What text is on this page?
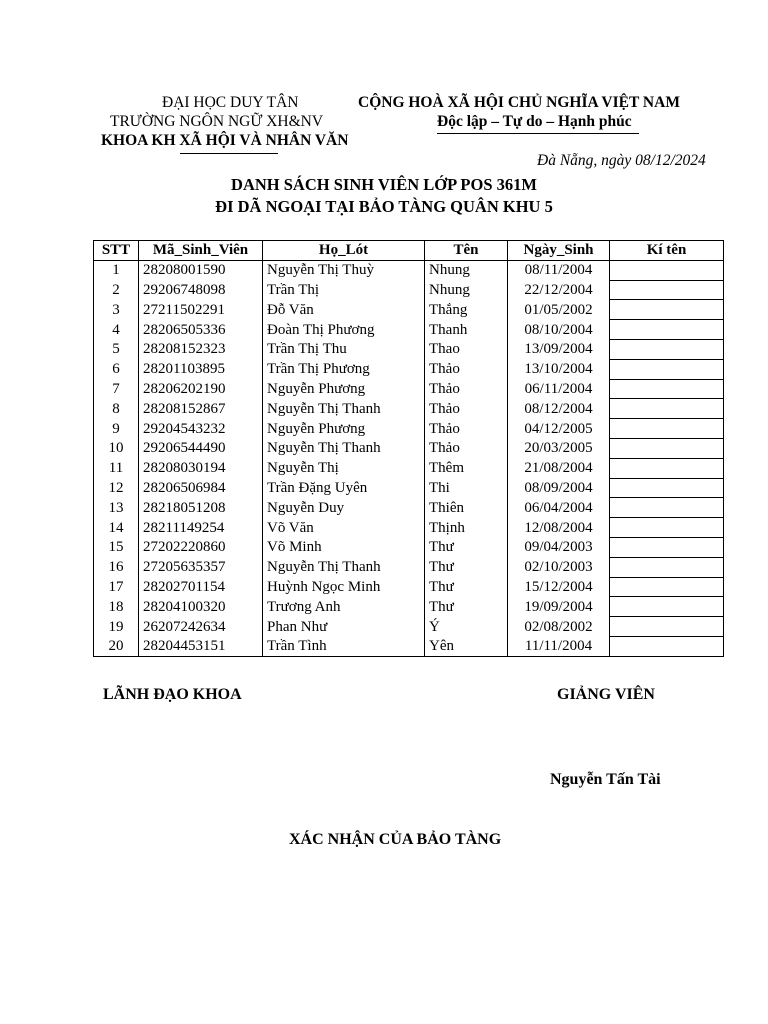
ĐẠI HỌC DUY TÂN
TRƯỜNG NGÔN NGỮ XH&NV
KHOA KH XÃ HỘI VÀ NHÂN VĂN
CỘNG HOÀ XÃ HỘI CHỦ NGHĨA VIỆT NAM
Độc lập – Tự do – Hạnh phúc
Đà Nẵng, ngày 08/12/2024
DANH SÁCH SINH VIÊN LỚP POS 361M
ĐI DÃ NGOẠI TẠI BẢO TÀNG QUÂN KHU 5
STT	Mã_Sinh_Viên	Họ_Lót	Tên	Ngày_Sinh	Kí tên
1	28208001590	Nguyễn Thị Thuỳ	Nhung	08/11/2004	
2	29206748098	Trần Thị	Nhung	22/12/2004	
3	27211502291	Đỗ Văn	Thắng	01/05/2002	
4	28206505336	Đoàn Thị Phương	Thanh	08/10/2004	
5	28208152323	Trần Thị Thu	Thao	13/09/2004	
6	28201103895	Trần Thị Phương	Thảo	13/10/2004	
7	28206202190	Nguyễn Phương	Thảo	06/11/2004	
8	28208152867	Nguyễn Thị Thanh	Thảo	08/12/2004	
9	29204543232	Nguyễn Phương	Thảo	04/12/2005	
10	29206544490	Nguyễn Thị Thanh	Thảo	20/03/2005	
11	28208030194	Nguyễn Thị	Thêm	21/08/2004	
12	28206506984	Trần Đặng Uyên	Thi	08/09/2004	
13	28218051208	Nguyễn Duy	Thiên	06/04/2004	
14	28211149254	Võ Văn	Thịnh	12/08/2004	
15	27202220860	Võ Minh	Thư	09/04/2003	
16	27205635357	Nguyễn Thị Thanh	Thư	02/10/2003	
17	28202701154	Huỳnh Ngọc Minh	Thư	15/12/2004	
18	28204100320	Trương Anh	Thư	19/09/2004	
19	26207242634	Phan Như	Ý	02/08/2002	
20	28204453151	Trần Tình	Yên	11/11/2004	
LÃNH ĐẠO KHOA	GIẢNG VIÊN
Nguyễn Tấn Tài
XÁC NHẬN CỦA BẢO TÀNG
